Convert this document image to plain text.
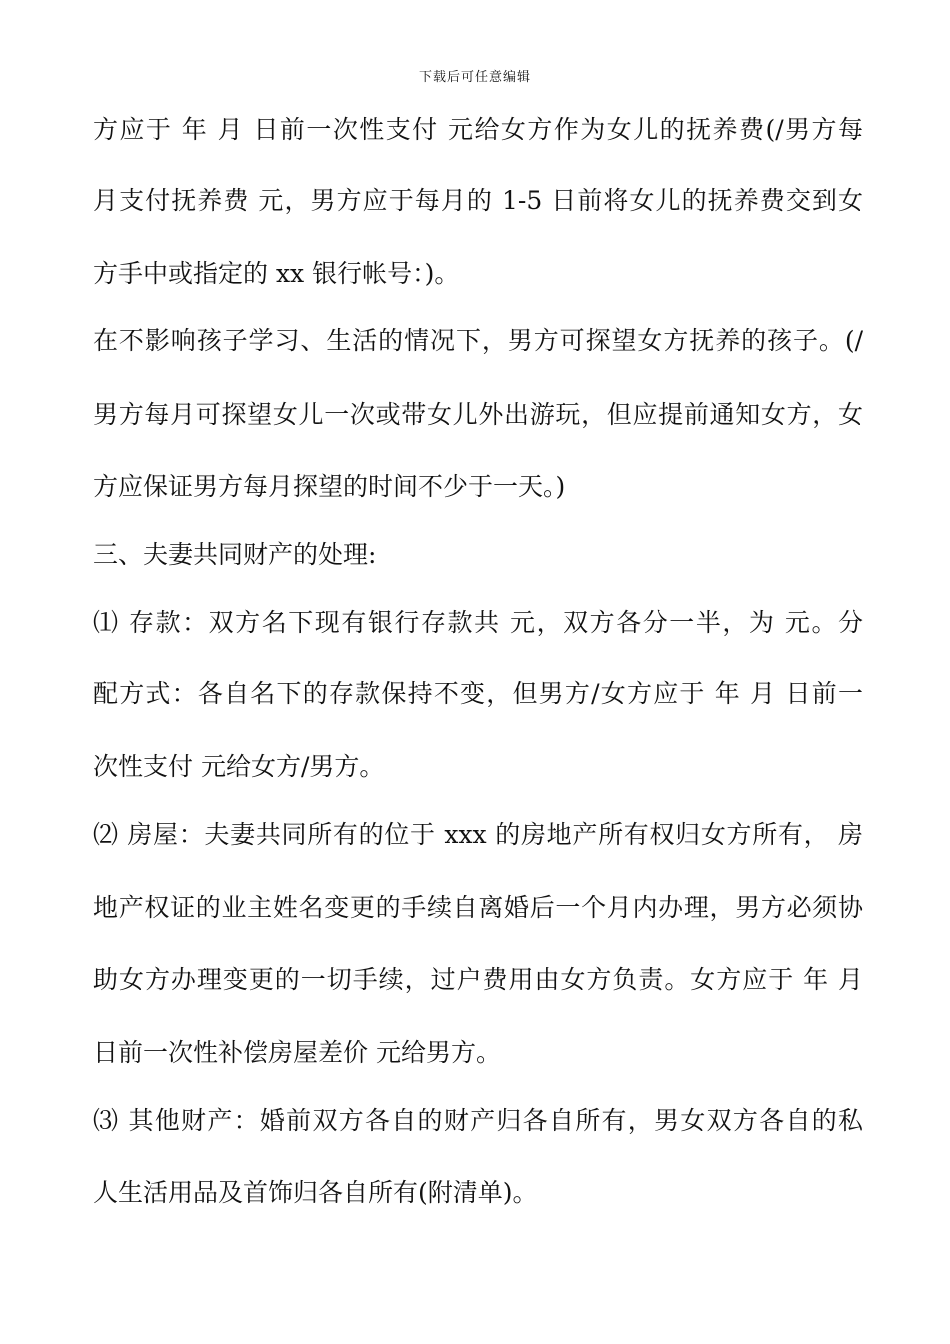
下载后可任意编辑
方应于 年 月 日前一次性支付 元给女方作为女儿的抚养费(/男方每
月支付抚养费 元，男方应于每月的 1-5 日前将女儿的抚养费交到女
方手中或指定的 xx 银行帐号：)。
在不影响孩子学习、生活的情况下，男方可探望女方抚养的孩子。(/
男方每月可探望女儿一次或带女儿外出游玩，但应提前通知女方，女
方应保证男方每月探望的时间不少于一天。)
三、夫妻共同财产的处理:
⑴ 存款：双方名下现有银行存款共 元，双方各分一半，为 元。分
配方式：各自名下的存款保持不变，但男方/女方应于 年 月 日前一
次性支付 元给女方/男方。
⑵ 房屋：夫妻共同所有的位于 xxx 的房地产所有权归女方所有， 房
地产权证的业主姓名变更的手续自离婚后一个月内办理，男方必须协
助女方办理变更的一切手续，过户费用由女方负责。女方应于 年 月
日前一次性补偿房屋差价 元给男方。
⑶ 其他财产：婚前双方各自的财产归各自所有，男女双方各自的私
人生活用品及首饰归各自所有(附清单)。
